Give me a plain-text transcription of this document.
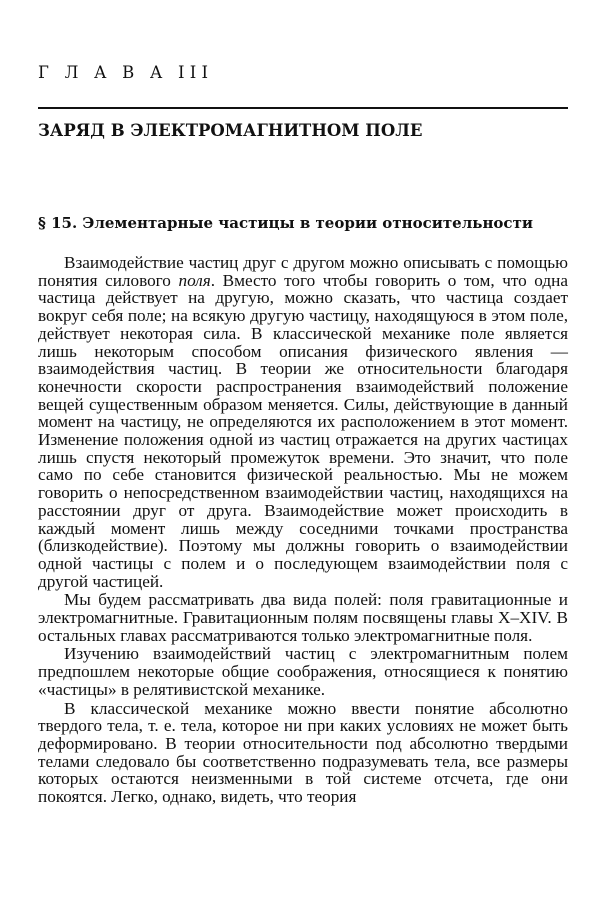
Г Л А В А III
ЗАРЯД В ЭЛЕКТРОМАГНИТНОМ ПОЛЕ
§ 15. Элементарные частицы в теории относительности

Взаимодействие частиц друг с другом можно описывать с помощью понятия силового поля. Вместо того чтобы говорить о том, что одна частица действует на другую, можно сказать, что частица создает вокруг себя поле; на всякую другую частицу, находящуюся в этом поле, действует некоторая сила. В классической механике поле является лишь некоторым способом описания физического явления — взаимодействия частиц. В теории же относительности благодаря конечности скорости распространения взаимодействий положение вещей существенным образом меняется. Силы, действующие в данный момент на частицу, не определяются их расположением в этот момент. Изменение положения одной из частиц отражается на других частицах лишь спустя некоторый промежуток времени. Это значит, что поле само по себе становится физической реальностью. Мы не можем говорить о непосредственном взаимодействии частиц, находящихся на расстоянии друг от друга. Взаимодействие может происходить в каждый момент лишь между соседними точками пространства (близкодействие). Поэтому мы должны говорить о взаимодействии одной частицы с полем и о последующем взаимодействии поля с другой частицей.

Мы будем рассматривать два вида полей: поля гравитационные и электромагнитные. Гравитационным полям посвящены главы X–XIV. В остальных главах рассматриваются только электромагнитные поля.

Изучению взаимодействий частиц с электромагнитным полем предпошлем некоторые общие соображения, относящиеся к понятию «частицы» в релятивистской механике.

В классической механике можно ввести понятие абсолютно твердого тела, т. е. тела, которое ни при каких условиях не может быть деформировано. В теории относительности под абсолютно твердыми телами следовало бы соответственно подразумевать тела, все размеры которых остаются неизменными в той системе отсчета, где они покоятся. Легко, однако, видеть, что теория
